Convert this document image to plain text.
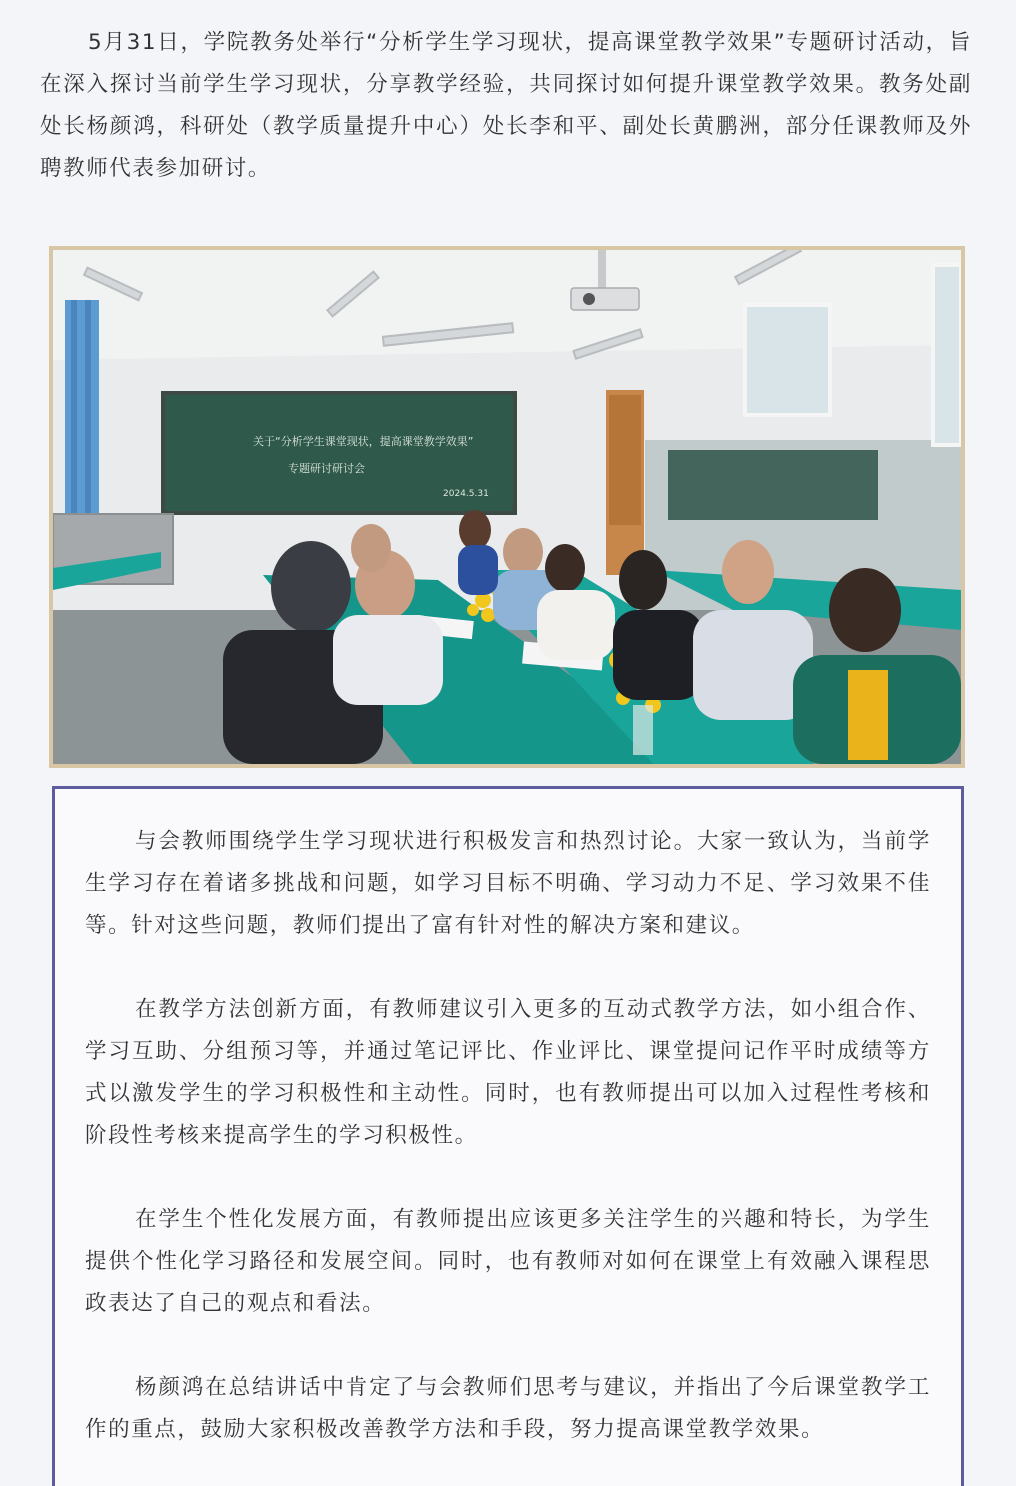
5月31日，学院教务处举行“分析学生学习现状，提高课堂教学效果”专题研讨活动，旨在深入探讨当前学生学习现状，分享教学经验，共同探讨如何提升课堂教学效果。教务处副处长杨颜鸿，科研处（教学质量提升中心）处长李和平、副处长黄鹏洲，部分任课教师及外聘教师代表参加研讨。

关于“分析学生课堂现状，提高课堂教学效果”
专题研讨研讨会
2024.5.31

与会教师围绕学生学习现状进行积极发言和热烈讨论。大家一致认为，当前学生学习存在着诸多挑战和问题，如学习目标不明确、学习动力不足、学习效果不佳等。针对这些问题，教师们提出了富有针对性的解决方案和建议。

在教学方法创新方面，有教师建议引入更多的互动式教学方法，如小组合作、学习互助、分组预习等，并通过笔记评比、作业评比、课堂提问记作平时成绩等方式以激发学生的学习积极性和主动性。同时，也有教师提出可以加入过程性考核和阶段性考核来提高学生的学习积极性。

在学生个性化发展方面，有教师提出应该更多关注学生的兴趣和特长，为学生提供个性化学习路径和发展空间。同时，也有教师对如何在课堂上有效融入课程思政表达了自己的观点和看法。

杨颜鸿在总结讲话中肯定了与会教师们思考与建议，并指出了今后课堂教学工作的重点，鼓励大家积极改善教学方法和手段，努力提高课堂教学效果。
